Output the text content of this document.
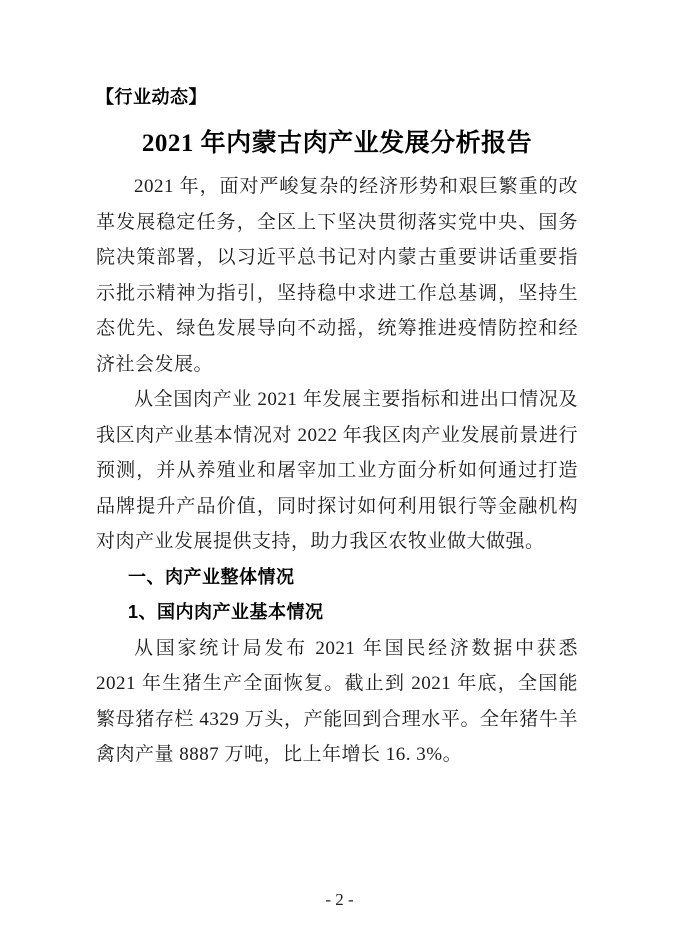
【行业动态】
2021 年内蒙古肉产业发展分析报告

2021 年，面对严峻复杂的经济形势和艰巨繁重的改革发展稳定任务，全区上下坚决贯彻落实党中央、国务院决策部署，以习近平总书记对内蒙古重要讲话重要指示批示精神为指引，坚持稳中求进工作总基调，坚持生态优先、绿色发展导向不动摇，统筹推进疫情防控和经济社会发展。

从全国肉产业 2021 年发展主要指标和进出口情况及我区肉产业基本情况对 2022 年我区肉产业发展前景进行预测，并从养殖业和屠宰加工业方面分析如何通过打造品牌提升产品价值，同时探讨如何利用银行等金融机构对肉产业发展提供支持，助力我区农牧业做大做强。

一、肉产业整体情况
1、国内肉产业基本情况

从国家统计局发布 2021 年国民经济数据中获悉 2021 年生猪生产全面恢复。截止到 2021 年底，全国能繁母猪存栏 4329 万头，产能回到合理水平。全年猪牛羊禽肉产量 8887 万吨，比上年增长 16. 3%。

- 2 -
